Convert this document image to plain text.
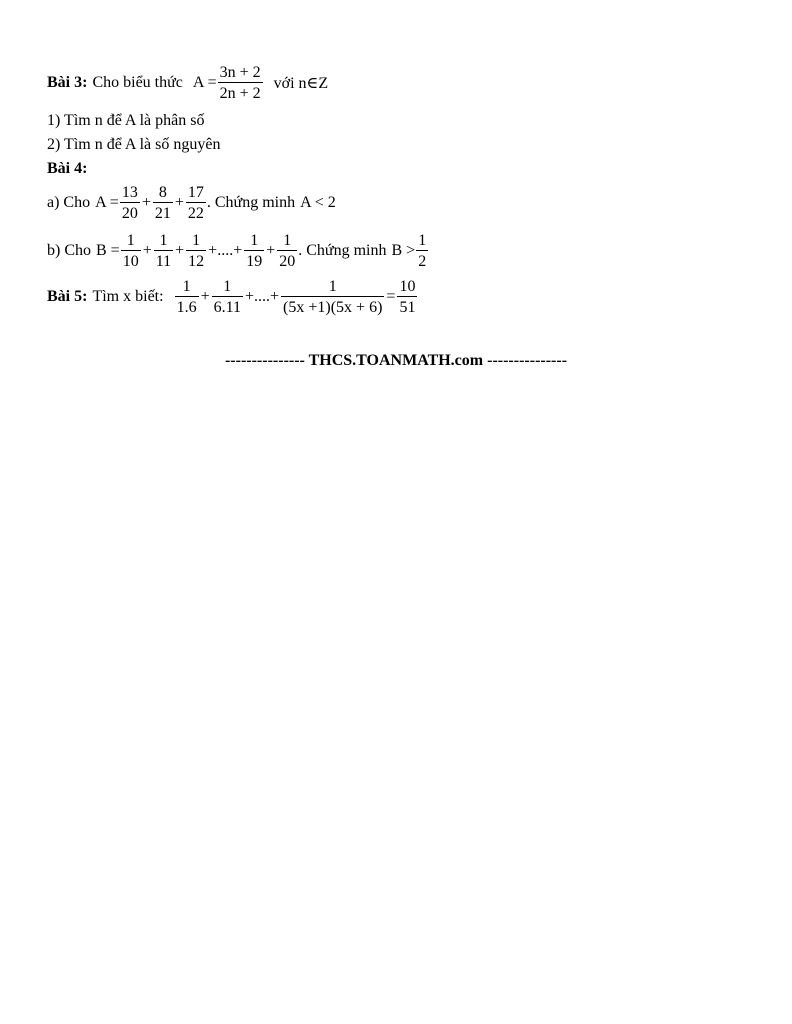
Bài 3: Cho biểu thức $A = \frac{3n + 2}{2n + 2}$ với n∈Z
1) Tìm n để A là phân số
2) Tìm n để A là số nguyên
Bài 4:
a) Cho $A = \frac{13}{20} + \frac{8}{21} + \frac{17}{22}$ . Chứng minh A < 2
b) Cho $B = \frac{1}{10} + \frac{1}{11} + \frac{1}{12}$ +....+ $\frac{1}{19} + \frac{1}{20}$ . Chứng minh $B > \frac{1}{2}$
Bài 5: Tìm x biết: $\frac{1}{1.6} + \frac{1}{6.11}$ +....+ $\frac{1}{(5x +1)(5x + 6)} = \frac{10}{51}$
--------------- THCS.TOANMATH.com ---------------
